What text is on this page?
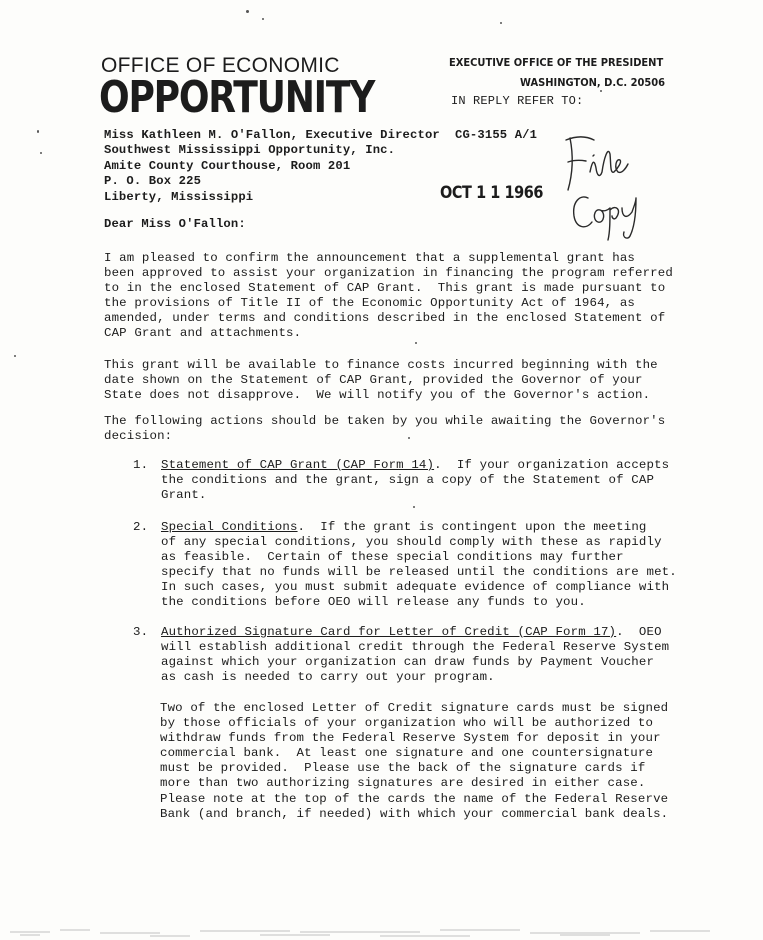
OFFICE OF ECONOMIC
OPPORTUNITY
EXECUTIVE OFFICE OF THE PRESIDENT
WASHINGTON, D.C. 20506
IN REPLY REFER TO:
Miss Kathleen M. O'Fallon, Executive Director
Southwest Mississippi Opportunity, Inc.
Amite County Courthouse, Room 201
P. O. Box 225
Liberty, Mississippi
CG-3155 A/1
OCT 1 1 1966
Dear Miss O'Fallon:
I am pleased to confirm the announcement that a supplemental grant has
been approved to assist your organization in financing the program referred
to in the enclosed Statement of CAP Grant.  This grant is made pursuant to
the provisions of Title II of the Economic Opportunity Act of 1964, as
amended, under terms and conditions described in the enclosed Statement of
CAP Grant and attachments.
This grant will be available to finance costs incurred beginning with the
date shown on the Statement of CAP Grant, provided the Governor of your
State does not disapprove.  We will notify you of the Governor's action.
The following actions should be taken by you while awaiting the Governor's
decision:
1. Statement of CAP Grant (CAP Form 14).  If your organization accepts
the conditions and the grant, sign a copy of the Statement of CAP
Grant.
2. Special Conditions.  If the grant is contingent upon the meeting
of any special conditions, you should comply with these as rapidly
as feasible.  Certain of these special conditions may further
specify that no funds will be released until the conditions are met.
In such cases, you must submit adequate evidence of compliance with
the conditions before OEO will release any funds to you.
3. Authorized Signature Card for Letter of Credit (CAP Form 17).  OEO
will establish additional credit through the Federal Reserve System
against which your organization can draw funds by Payment Voucher
as cash is needed to carry out your program.
Two of the enclosed Letter of Credit signature cards must be signed
by those officials of your organization who will be authorized to
withdraw funds from the Federal Reserve System for deposit in your
commercial bank.  At least one signature and one countersignature
must be provided.  Please use the back of the signature cards if
more than two authorizing signatures are desired in either case.
Please note at the top of the cards the name of the Federal Reserve
Bank (and branch, if needed) with which your commercial bank deals.
